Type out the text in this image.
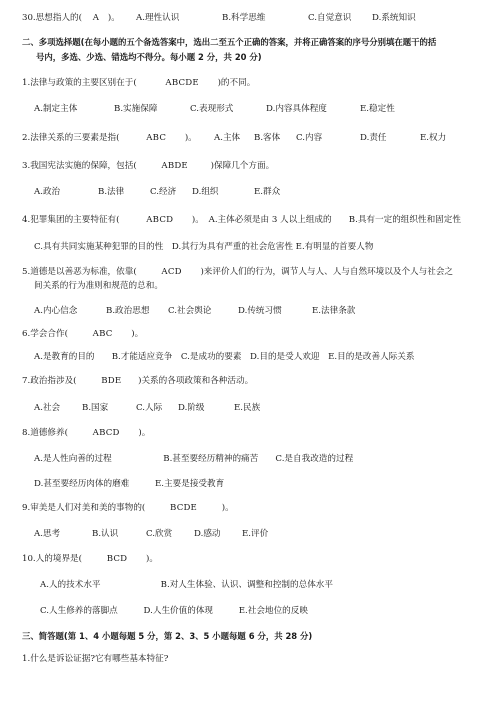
30.思想指人的( A )。 A.理性认识	B.科学思维	C.自觉意识 D.系统知识
二、多项选择题(在每小题的五个备选答案中，选出二至五个正确的答案，并将正确答案的序号分别填在题干的括
号内，多选、少选、错选均不得分。每小题 2 分，共 20 分)
1.法律与政策的主要区别在于(	ABCDE )的不同。
A.制定主体	B.实施保障	C.表现形式	D.内容具体程度	E.稳定性
2.法律关系的三要素是指(	ABC )。 A.主体 B.客体 C.内容	D.责任	E.权力
3.我国宪法实施的保障，包括(	ABDE	)保障几个方面。
A.政治	B.法律	C.经济 D.组织	E.群众
4.犯罪集团的主要特征有(	ABCD )。 A.主体必须是由 3 人以上组成的　　B.具有一定的组织性和固定性
C.具有共同实施某种犯罪的目的性　D.其行为具有严重的社会危害性 E.有明显的首要人物
5.道德是以善恶为标准，依靠(	ACD )来评价人们的行为，调节人与人、人与自然环境以及个人与社会之
间关系的行为准则和规范的总和。
A.内心信念	B.政治思想 C.社会舆论	D.传统习惯	E.法律条款
6.学会合作(	ABC )。
A.是教育的目的　　B.才能适应竞争　C.是成功的要素　D.目的是受人欢迎　E.目的是改善人际关系
7.政治指涉及(	BDE )关系的各项政策和各种活动。
A.社会	B.国家	C.人际 D.阶级	E.民族
8.道德修养(	ABCD )。
A.是人性向善的过程　　　　　　B.甚至要经历精神的痛苦　　C.是自我改造的过程
D.甚至要经历肉体的磨难　　　E.主要是接受教育
9.审美是人们对美和美的事物的(	BCDE	)。
A.思考	B.认识	C.欣赏	D.感动 E.评价
10.人的境界是(	BCD )。
A.人的技术水平　　　　　　　B.对人生体验、认识、调整和控制的总体水平
C.人生修养的落脚点　　　D.人生价值的体现　　　E.社会地位的反映
三、简答题(第 1、4 小题每题 5 分，第 2、3、5 小题每题 6 分，共 28 分)
1.什么是诉讼证据?它有哪些基本特征?
